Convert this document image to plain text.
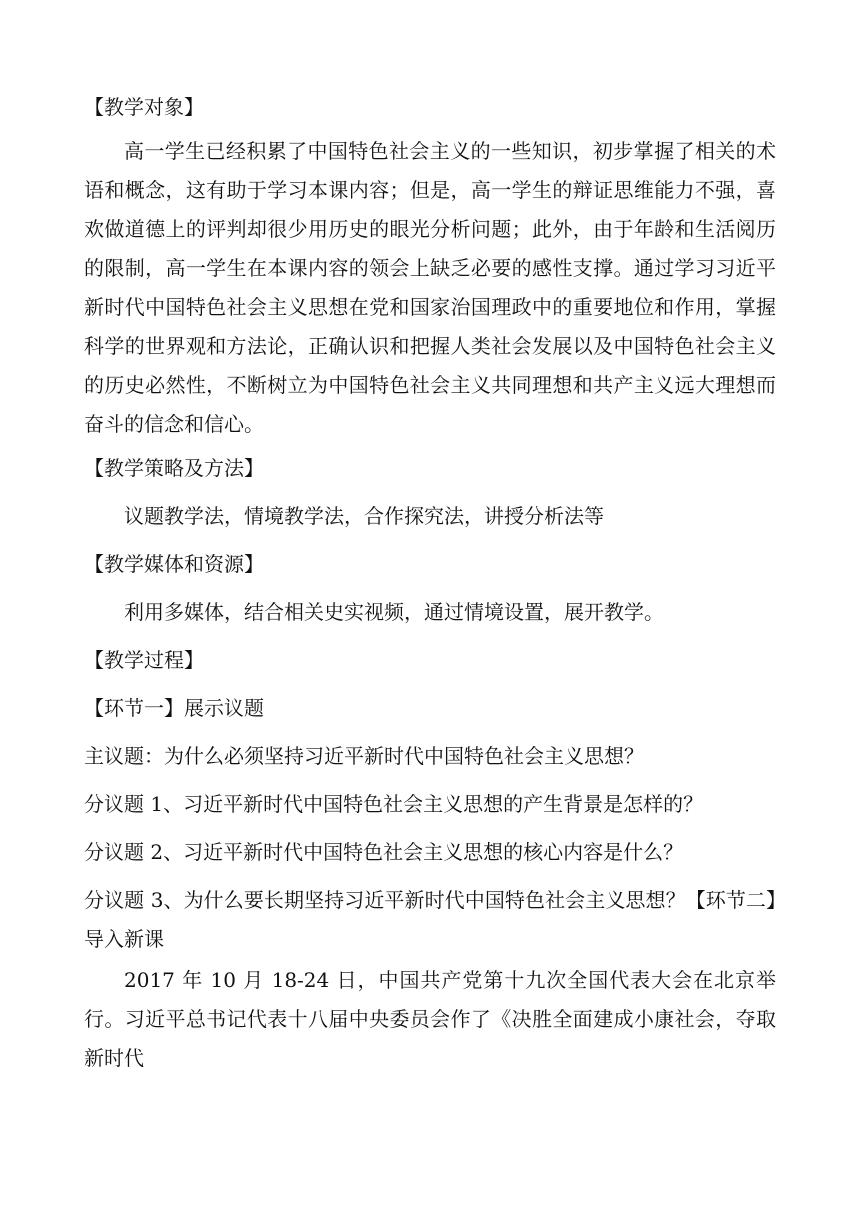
【教学对象】

高一学生已经积累了中国特色社会主义的一些知识，初步掌握了相关的术语和概念，这有助于学习本课内容；但是，高一学生的辩证思维能力不强，喜欢做道德上的评判却很少用历史的眼光分析问题；此外，由于年龄和生活阅历的限制，高一学生在本课内容的领会上缺乏必要的感性支撑。通过学习习近平新时代中国特色社会主义思想在党和国家治国理政中的重要地位和作用，掌握科学的世界观和方法论，正确认识和把握人类社会发展以及中国特色社会主义的历史必然性，不断树立为中国特色社会主义共同理想和共产主义远大理想而奋斗的信念和信心。

【教学策略及方法】

议题教学法，情境教学法，合作探究法，讲授分析法等

【教学媒体和资源】

利用多媒体，结合相关史实视频，通过情境设置，展开教学。

【教学过程】

【环节一】展示议题

主议题：为什么必须坚持习近平新时代中国特色社会主义思想？

分议题 1、习近平新时代中国特色社会主义思想的产生背景是怎样的？

分议题 2、习近平新时代中国特色社会主义思想的核心内容是什么？

分议题 3、为什么要长期坚持习近平新时代中国特色社会主义思想？【环节二】导入新课

2017 年 10 月 18-24 日，中国共产党第十九次全国代表大会在北京举行。习近平总书记代表十八届中央委员会作了《决胜全面建成小康社会，夺取新时代
